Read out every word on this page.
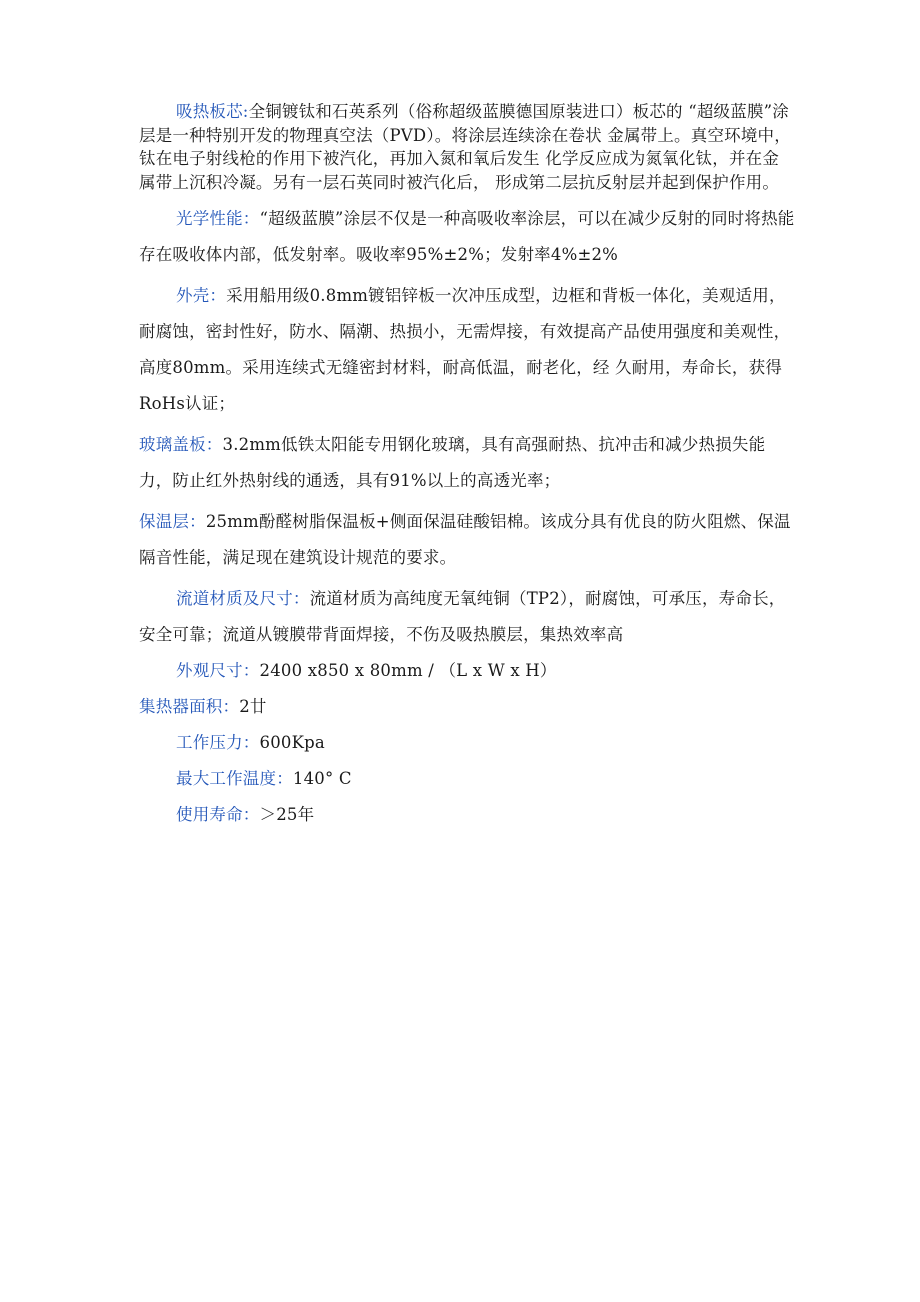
吸热板芯:全铜镀钛和石英系列（俗称超级蓝膜德国原装进口）板芯的 “超级蓝膜”涂层是一种特别开发的物理真空法（PVD）。将涂层连续涂在卷状 金属带上。真空环境中，钛在电子射线枪的作用下被汽化，再加入氮和氧后发生 化学反应成为氮氧化钛，并在金属带上沉积冷凝。另有一层石英同时被汽化后， 形成第二层抗反射层并起到保护作用。

光学性能：“超级蓝膜”涂层不仅是一种高吸收率涂层，可以在减少反射的同时将热能存在吸收体内部，低发射率。吸收率95%±2%；发射率4%±2%

外壳：采用船用级0.8mm镀铝锌板一次冲压成型，边框和背板一体化，美观适用，耐腐蚀，密封性好，防水、隔潮、热损小，无需焊接，有效提高产品使用强度和美观性，高度80mm。采用连续式无缝密封材料，耐高低温，耐老化，经 久耐用，寿命长，获得RoHs认证；

玻璃盖板：3.2mm低铁太阳能专用钢化玻璃，具有高强耐热、抗冲击和减少热损失能力，防止红外热射线的通透，具有91%以上的高透光率；

保温层：25mm酚醛树脂保温板+侧面保温硅酸铝棉。该成分具有优良的防火阻燃、保温隔音性能，满足现在建筑设计规范的要求。

流道材质及尺寸：流道材质为高纯度无氧纯铜（TP2），耐腐蚀，可承压，寿命长，安全可靠；流道从镀膜带背面焊接，不伤及吸热膜层，集热效率高

外观尺寸：2400 x850 x 80mm / （L x W x H）

集热器面积：2廿

工作压力：600Kpa

最大工作温度：140° C

使用寿命：＞25年
